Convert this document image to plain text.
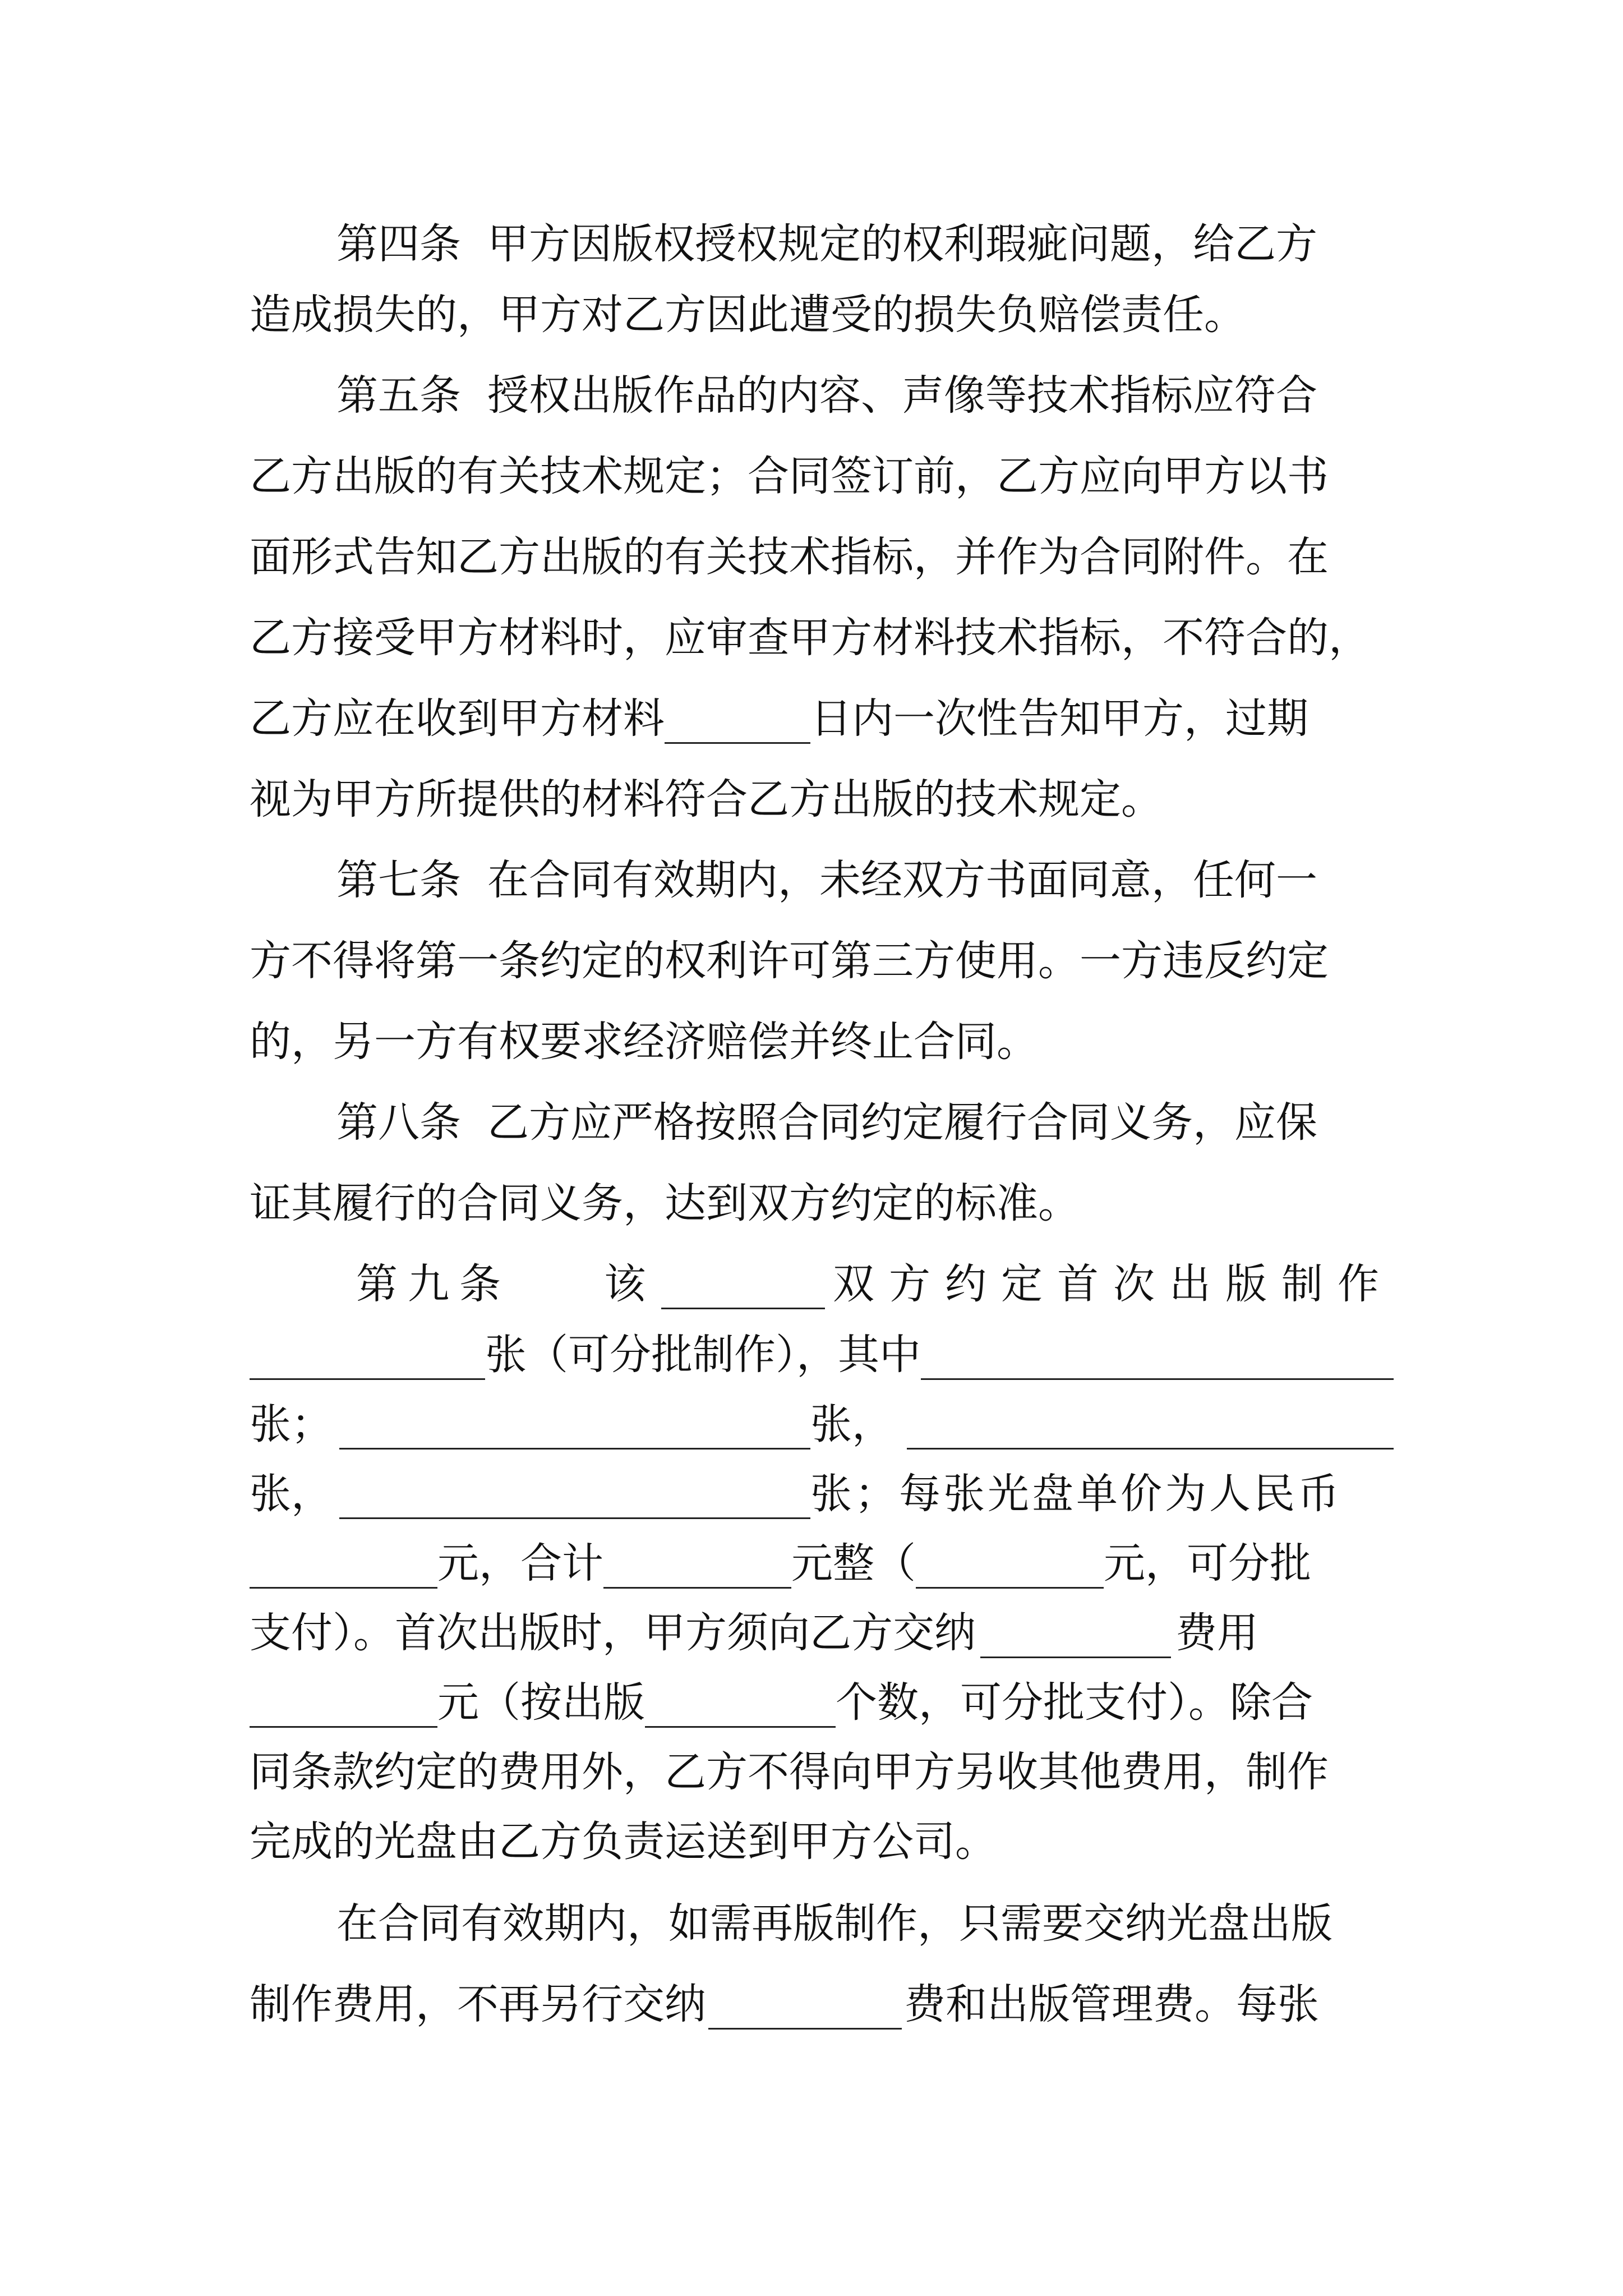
第四条  甲方因版权授权规定的权利瑕疵问题，给乙方
造成损失的，甲方对乙方因此遭受的损失负赔偿责任。
第五条  授权出版作品的内容、声像等技术指标应符合
乙方出版的有关技术规定；合同签订前，乙方应向甲方以书
面形式告知乙方出版的有关技术指标，并作为合同附件。在
乙方接受甲方材料时，应审查甲方材料技术指标，不符合的，
乙方应在收到甲方材料	日内一次性告知甲方，过期
视为甲方所提供的材料符合乙方出版的技术规定。
第七条  在合同有效期内，未经双方书面同意，任何一
方不得将第一条约定的权利许可第三方使用。一方违反约定
的，另一方有权要求经济赔偿并终止合同。
第八条  乙方应严格按照合同约定履行合同义务，应保
证其履行的合同义务，达到双方约定的标准。
第九条    该	双方约定首次出版制作
张（可分批制作），其中
张；	张，
张，	张；每张光盘单价为人民币
元，合计	元整（	元，可分批
支付）。首次出版时，甲方须向乙方交纳	费用
元（按出版	个数，可分批支付）。除合
同条款约定的费用外，乙方不得向甲方另收其他费用，制作
完成的光盘由乙方负责运送到甲方公司。
在合同有效期内，如需再版制作，只需要交纳光盘出版
制作费用，不再另行交纳	费和出版管理费。每张
